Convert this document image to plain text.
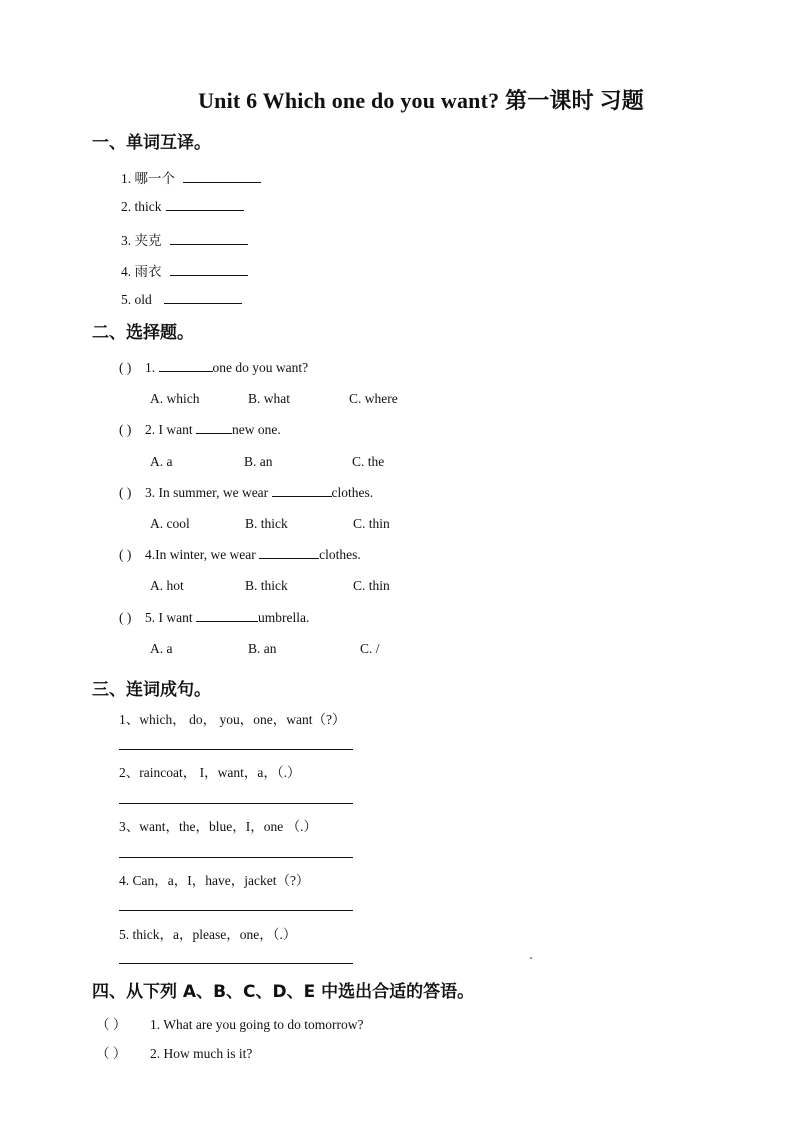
Unit 6 Which one do you want? 第一课时 习题
一、单词互译。
1. 哪一个
2. thick
3. 夹克
4. 雨衣
5. old
二、选择题。
( ) 1.	one do you want?
A. which	B. what	C. where
( ) 2. I want	new one.
A. a	B. an	C. the
( ) 3. In summer, we wear	clothes.
A. cool	B. thick	C. thin
( ) 4.In winter, we wear	clothes.
A. hot	B. thick	C. thin
( ) 5. I want	umbrella.
A. a	B. an	C. /
三、连词成句。
1、which， do， you，one，want（?）
2、raincoat， I，want，a，（.）
3、want，the，blue，I，one （.）
4. Can，a，I，have，jacket（?）
5. thick，a，please，one，（.）
四、从下列 A、B、C、D、E 中选出合适的答语。
（ ） 1. What are you going to do tomorrow?
（ ） 2. How much is it?
